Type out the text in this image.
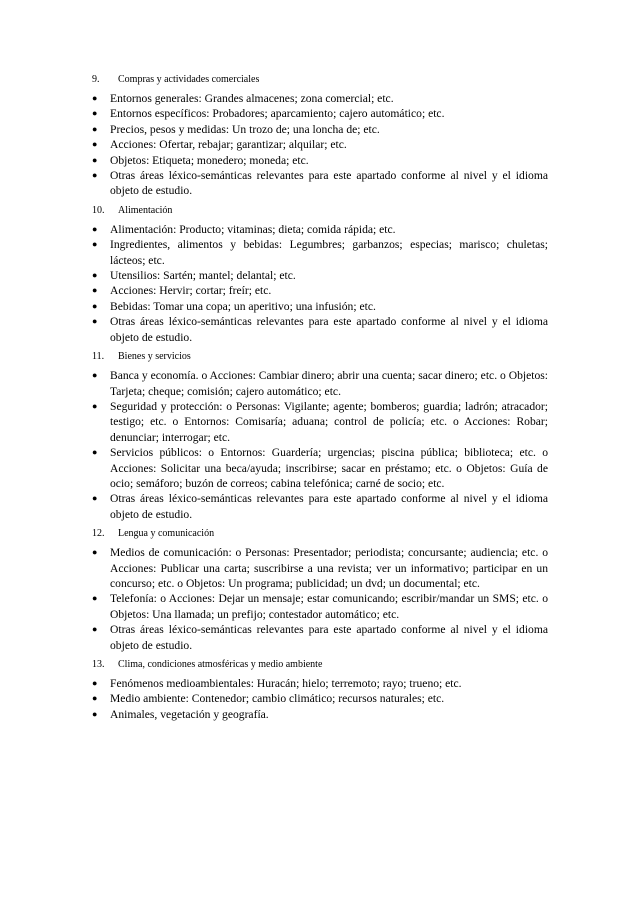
9. Compras y actividades comerciales
● Entornos generales: Grandes almacenes; zona comercial; etc.
● Entornos específicos: Probadores; aparcamiento; cajero automático; etc.
● Precios, pesos y medidas: Un trozo de; una loncha de; etc.
● Acciones: Ofertar, rebajar; garantizar; alquilar; etc.
● Objetos: Etiqueta; monedero; moneda; etc.
● Otras áreas léxico-semánticas relevantes para este apartado conforme al nivel y el idioma objeto de estudio.
10. Alimentación
● Alimentación: Producto; vitaminas; dieta; comida rápida; etc.
● Ingredientes, alimentos y bebidas: Legumbres; garbanzos; especias; marisco; chuletas; lácteos; etc.
● Utensilios: Sartén; mantel; delantal; etc.
● Acciones: Hervir; cortar; freír; etc.
● Bebidas: Tomar una copa; un aperitivo; una infusión; etc.
● Otras áreas léxico-semánticas relevantes para este apartado conforme al nivel y el idioma objeto de estudio.
11. Bienes y servicios
● Banca y economía. o Acciones: Cambiar dinero; abrir una cuenta; sacar dinero; etc. o Objetos: Tarjeta; cheque; comisión; cajero automático; etc.
● Seguridad y protección: o Personas: Vigilante; agente; bomberos; guardia; ladrón; atracador; testigo; etc. o Entornos: Comisaría; aduana; control de policía; etc. o Acciones: Robar; denunciar; interrogar; etc.
● Servicios públicos: o Entornos: Guardería; urgencias; piscina pública; biblioteca; etc. o Acciones: Solicitar una beca/ayuda; inscribirse; sacar en préstamo; etc. o Objetos: Guía de ocio; semáforo; buzón de correos; cabina telefónica; carné de socio; etc.
● Otras áreas léxico-semánticas relevantes para este apartado conforme al nivel y el idioma objeto de estudio.
12. Lengua y comunicación
● Medios de comunicación: o Personas: Presentador; periodista; concursante; audiencia; etc. o Acciones: Publicar una carta; suscribirse a una revista; ver un informativo; participar en un concurso; etc. o Objetos: Un programa; publicidad; un dvd; un documental; etc.
● Telefonía: o Acciones: Dejar un mensaje; estar comunicando; escribir/mandar un SMS; etc. o Objetos: Una llamada; un prefijo; contestador automático; etc.
● Otras áreas léxico-semánticas relevantes para este apartado conforme al nivel y el idioma objeto de estudio.
13. Clima, condiciones atmosféricas y medio ambiente
● Fenómenos medioambientales: Huracán; hielo; terremoto; rayo; trueno; etc.
● Medio ambiente: Contenedor; cambio climático; recursos naturales; etc.
● Animales, vegetación y geografía.
